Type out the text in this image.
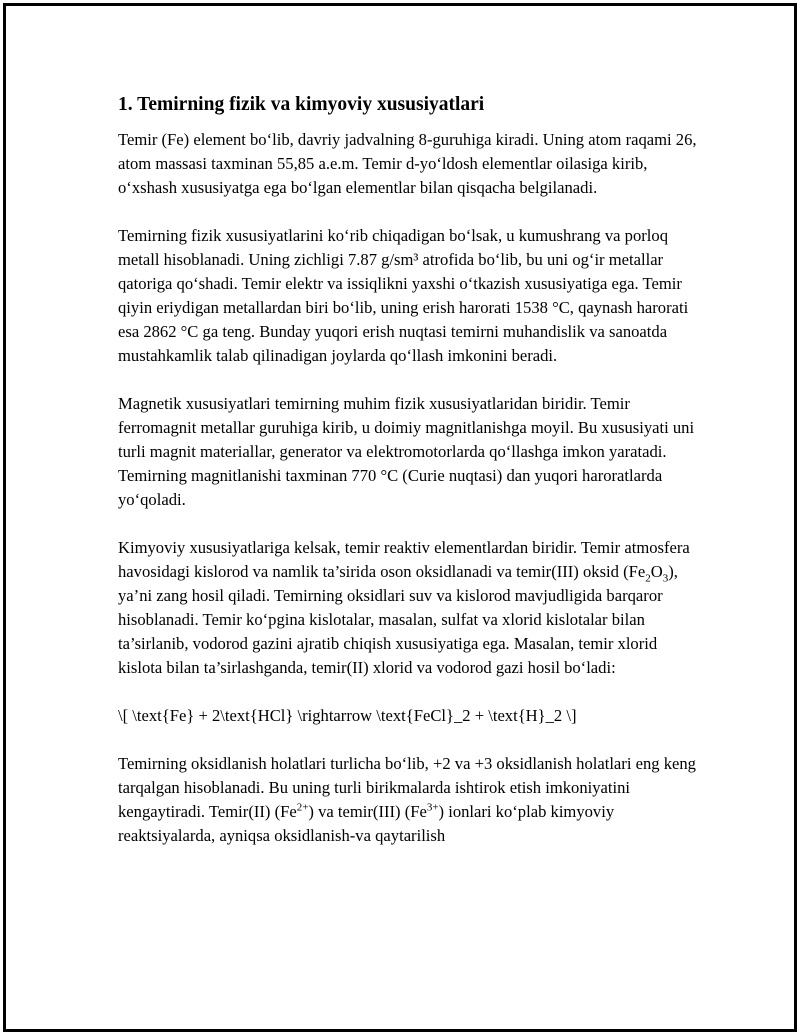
1. Temirning fizik va kimyoviy xususiyatlari

Temir (Fe) element bo‘lib, davriy jadvalning 8-guruhiga kiradi. Uning atom raqami 26, atom massasi taxminan 55,85 a.e.m. Temir d-yo‘ldosh elementlar oilasiga kirib, o‘xshash xususiyatga ega bo‘lgan elementlar bilan qisqacha belgilanadi.

Temirning fizik xususiyatlarini ko‘rib chiqadigan bo‘lsak, u kumushrang va porloq metall hisoblanadi. Uning zichligi 7.87 g/sm³ atrofida bo‘lib, bu uni og‘ir metallar qatoriga qo‘shadi. Temir elektr va issiqlikni yaxshi o‘tkazish xususiyatiga ega. Temir qiyin eriydigan metallardan biri bo‘lib, uning erish harorati 1538 °C, qaynash harorati esa 2862 °C ga teng. Bunday yuqori erish nuqtasi temirni muhandislik va sanoatda mustahkamlik talab qilinadigan joylarda qo‘llash imkonini beradi.

Magnetik xususiyatlari temirning muhim fizik xususiyatlaridan biridir. Temir ferromagnit metallar guruhiga kirib, u doimiy magnitlanishga moyil. Bu xususiyati uni turli magnit materiallar, generator va elektromotorlarda qo‘llashga imkon yaratadi. Temirning magnitlanishi taxminan 770 °C (Curie nuqtasi) dan yuqori haroratlarda yo‘qoladi.

Kimyoviy xususiyatlariga kelsak, temir reaktiv elementlardan biridir. Temir atmosfera havosidagi kislorod va namlik ta’sirida oson oksidlanadi va temir(III) oksid $(Fe_2O_3)$, ya’ni zang hosil qiladi. Temirning oksidlari suv va kislorod mavjudligida barqaror hisoblanadi. Temir ko‘pgina kislotalar, masalan, sulfat va xlorid kislotalar bilan ta’sirlanib, vodorod gazini ajratib chiqish xususiyatiga ega. Masalan, temir xlorid kislota bilan ta’sirlashganda, temir(II) xlorid va vodorod gazi hosil bo‘ladi:

\[ \text{Fe} + 2\text{HCl} \rightarrow \text{FeCl}_2 + \text{H}_2 \]

Temirning oksidlanish holatlari turlicha bo‘lib, +2 va +3 oksidlanish holatlari eng keng tarqalgan hisoblanadi. Bu uning turli birikmalarda ishtirok etish imkoniyatini kengaytiradi. Temir(II) $(Fe^{2+})$ va temir(III) $(Fe^{3+})$ ionlari ko‘plab kimyoviy reaktsiyalarda, ayniqsa oksidlanish-va qaytarilish
